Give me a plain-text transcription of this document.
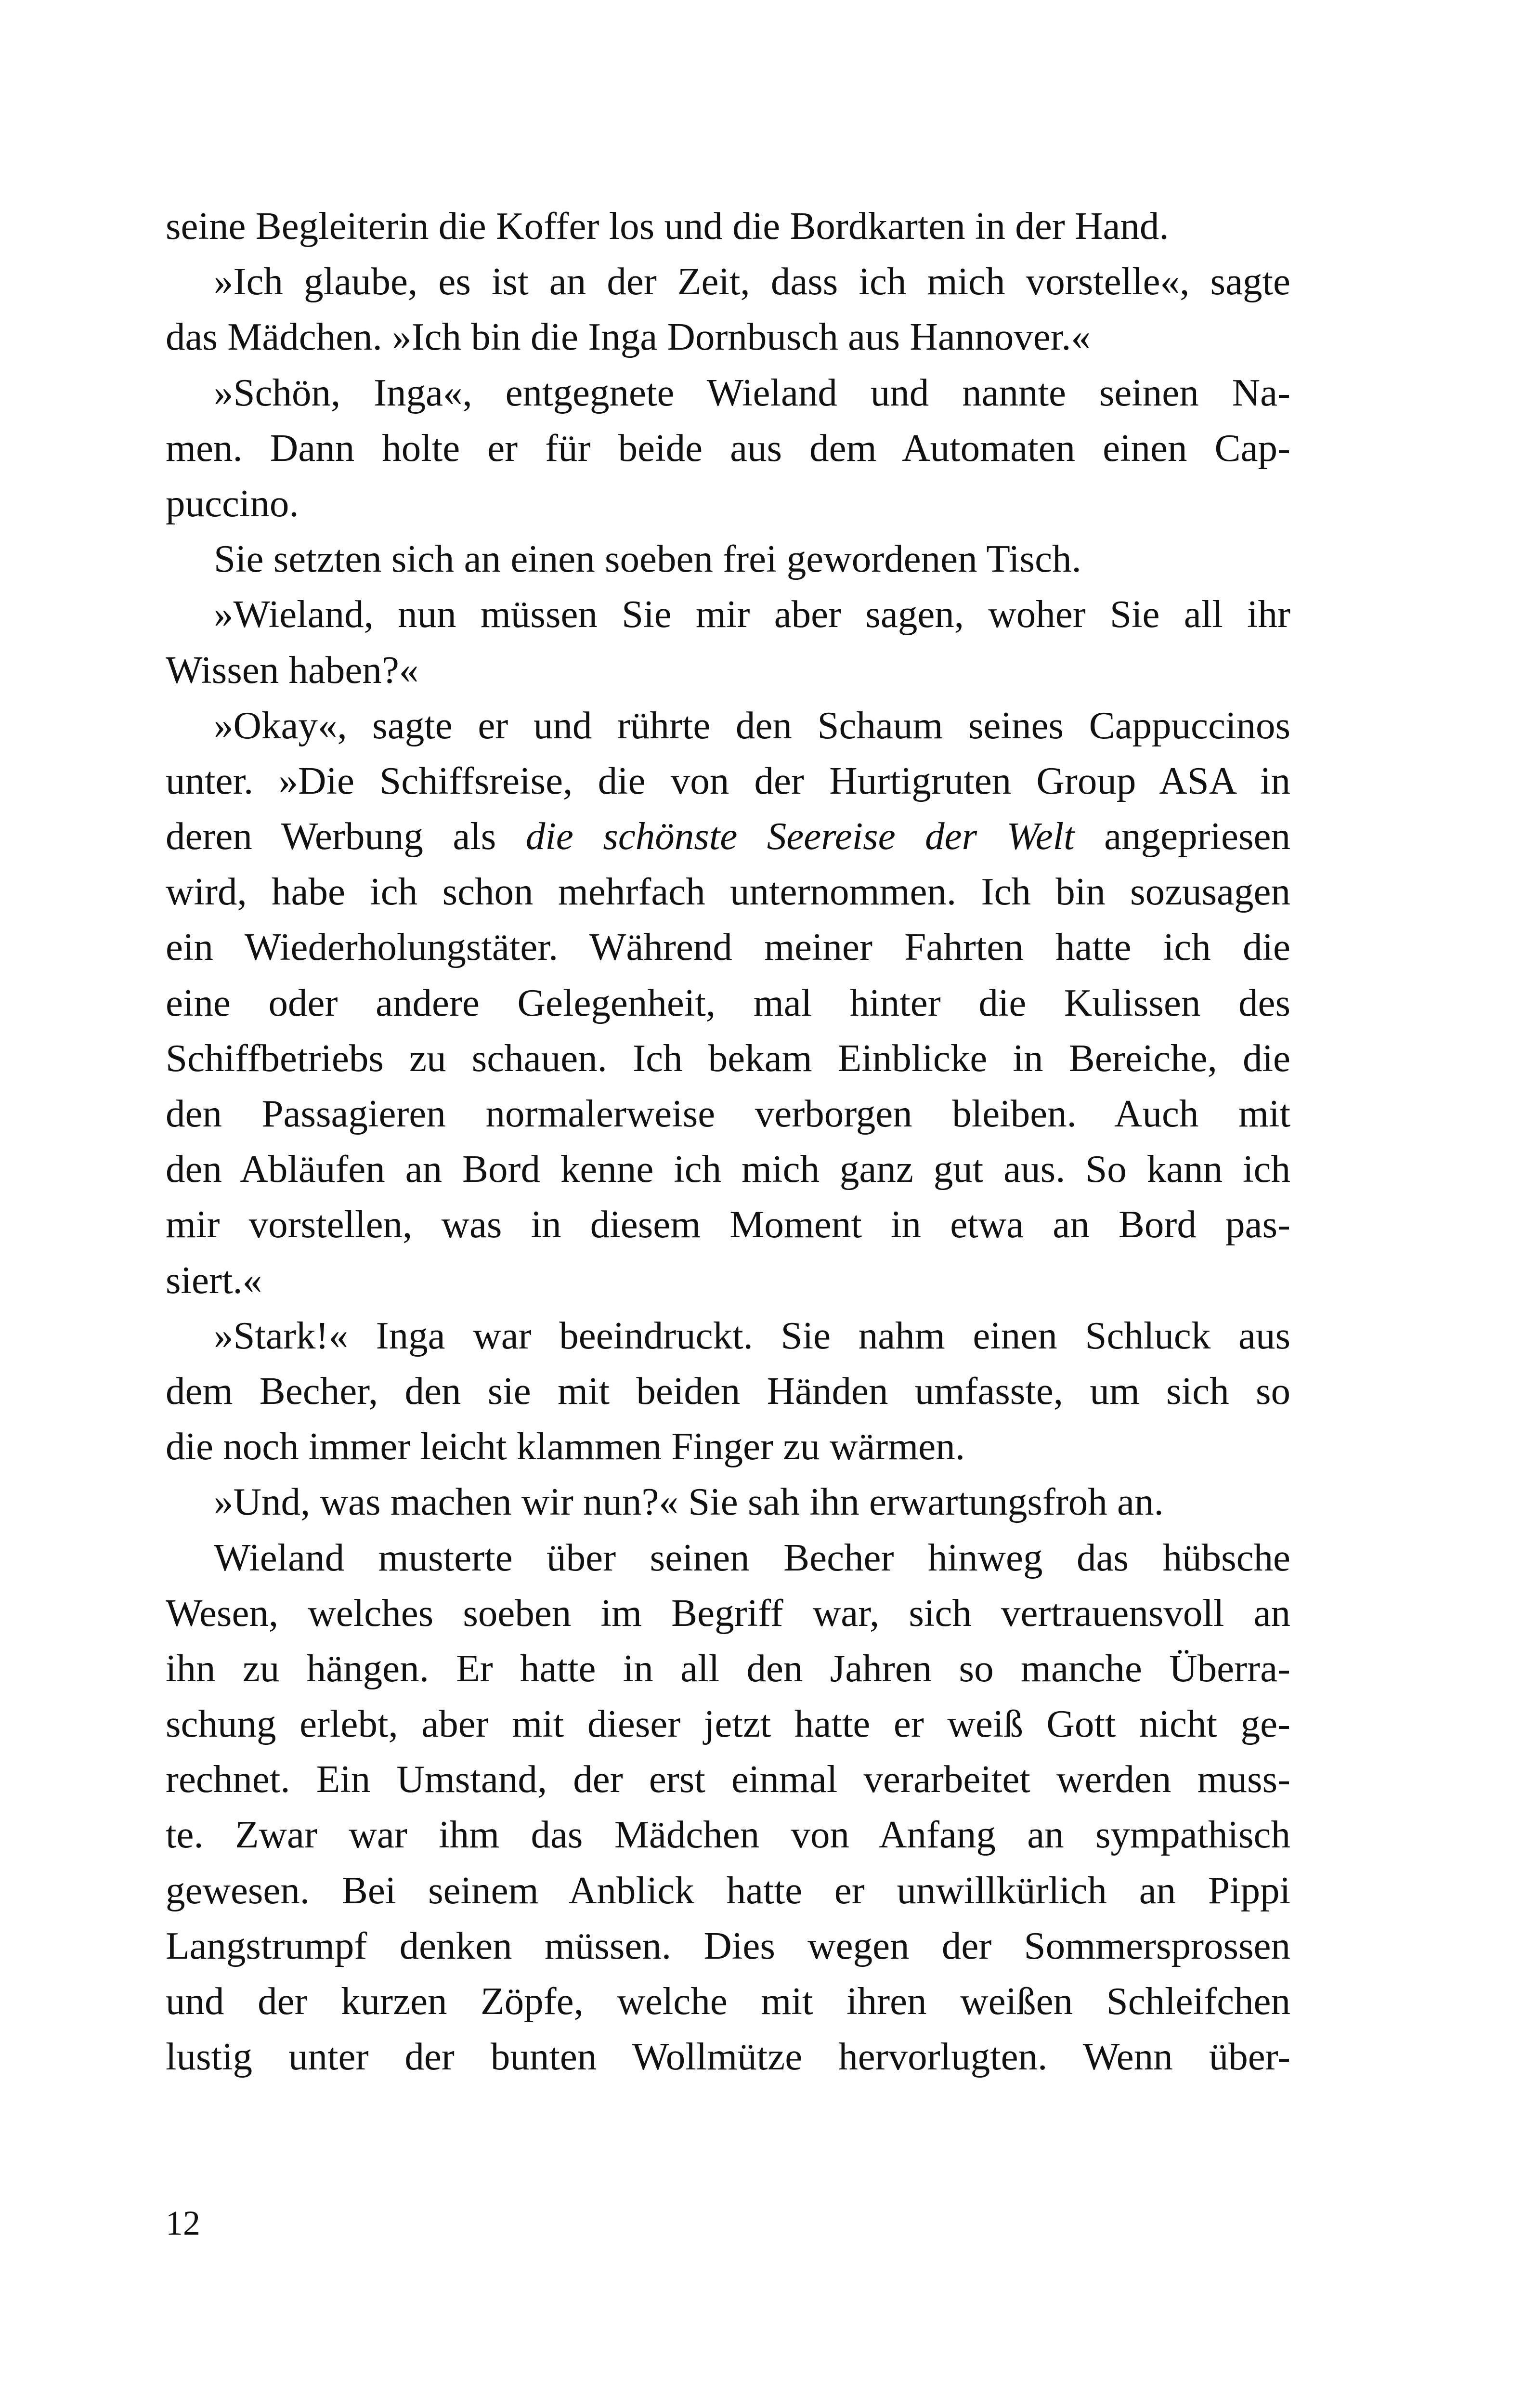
seine Begleiterin die Koffer los und die Bordkarten in der Hand.
»Ich glaube, es ist an der Zeit, dass ich mich vorstelle«, sagte
das Mädchen. »Ich bin die Inga Dornbusch aus Hannover.«
»Schön, Inga«, entgegnete Wieland und nannte seinen Na-
men. Dann holte er für beide aus dem Automaten einen Cap-
puccino.
Sie setzten sich an einen soeben frei gewordenen Tisch.
»Wieland, nun müssen Sie mir aber sagen, woher Sie all ihr
Wissen haben?«
»Okay«, sagte er und rührte den Schaum seines Cappuccinos
unter. »Die Schiffsreise, die von der Hurtigruten Group ASA in
deren Werbung als die schönste Seereise der Welt angepriesen
wird, habe ich schon mehrfach unternommen. Ich bin sozusagen
ein Wiederholungstäter. Während meiner Fahrten hatte ich die
eine oder andere Gelegenheit, mal hinter die Kulissen des
Schiffbetriebs zu schauen. Ich bekam Einblicke in Bereiche, die
den Passagieren normalerweise verborgen bleiben. Auch mit
den Abläufen an Bord kenne ich mich ganz gut aus. So kann ich
mir vorstellen, was in diesem Moment in etwa an Bord pas-
siert.«
»Stark!« Inga war beeindruckt. Sie nahm einen Schluck aus
dem Becher, den sie mit beiden Händen umfasste, um sich so
die noch immer leicht klammen Finger zu wärmen.
»Und, was machen wir nun?« Sie sah ihn erwartungsfroh an.
Wieland musterte über seinen Becher hinweg das hübsche
Wesen, welches soeben im Begriff war, sich vertrauensvoll an
ihn zu hängen. Er hatte in all den Jahren so manche Überra-
schung erlebt, aber mit dieser jetzt hatte er weiß Gott nicht ge-
rechnet. Ein Umstand, der erst einmal verarbeitet werden muss-
te. Zwar war ihm das Mädchen von Anfang an sympathisch
gewesen. Bei seinem Anblick hatte er unwillkürlich an Pippi
Langstrumpf denken müssen. Dies wegen der Sommersprossen
und der kurzen Zöpfe, welche mit ihren weißen Schleifchen
lustig unter der bunten Wollmütze hervorlugten. Wenn über-
12
